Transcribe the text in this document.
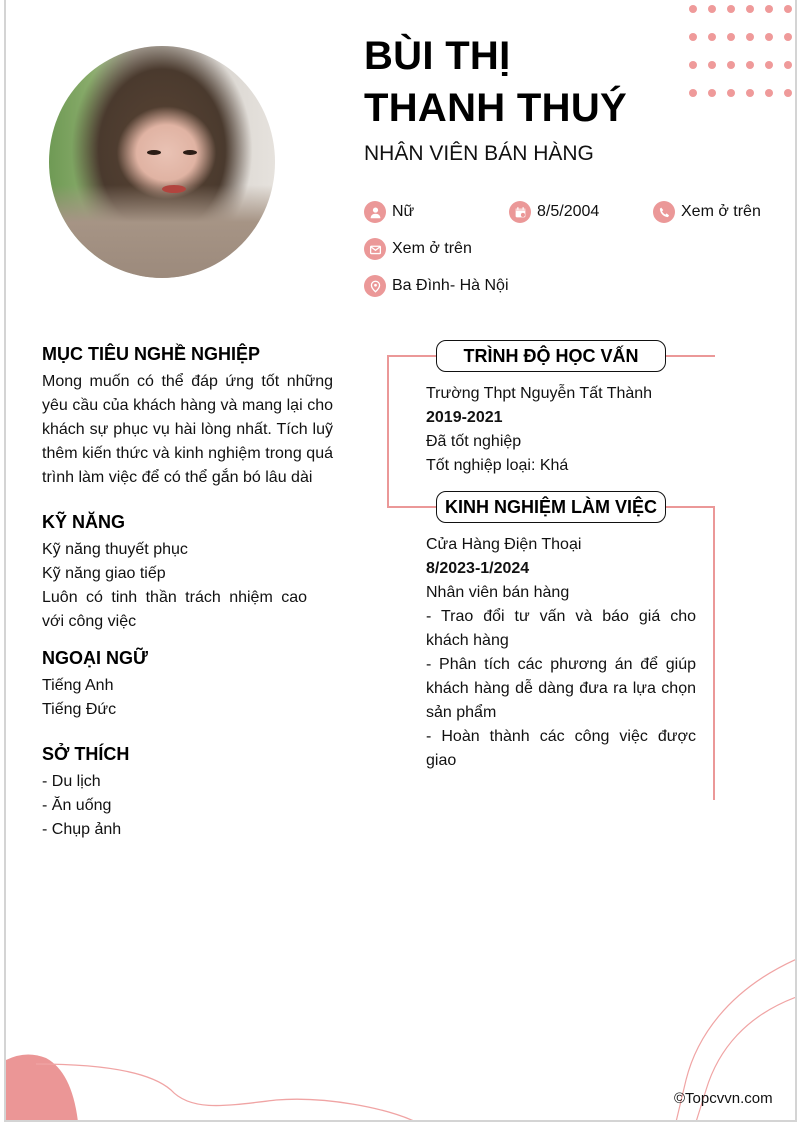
BÙI THỊ
THANH THUÝ
NHÂN VIÊN BÁN HÀNG
Nữ	8/5/2004	Xem ở trên
Xem ở trên
Ba Đình- Hà Nội
MỤC TIÊU NGHỀ NGHIỆP
Mong muốn có thể đáp ứng tốt những yêu cầu của khách hàng và mang lại cho khách sự phục vụ hài lòng nhất. Tích luỹ thêm kiến thức và kinh nghiệm trong quá trình làm việc để có thể gắn bó lâu dài
KỸ NĂNG
Kỹ năng thuyết phục
Kỹ năng giao tiếp
Luôn có tinh thần trách nhiệm cao với công việc
NGOẠI NGỮ
Tiếng Anh
Tiếng Đức
SỞ THÍCH
- Du lịch
- Ăn uống
- Chụp ảnh
TRÌNH ĐỘ HỌC VẤN
Trường Thpt Nguyễn Tất Thành
2019-2021
Đã tốt nghiệp
Tốt nghiệp loại: Khá
KINH NGHIỆM LÀM VIỆC
Cửa Hàng Điện Thoại
8/2023-1/2024
Nhân viên bán hàng
- Trao đổi tư vấn và báo giá cho khách hàng
- Phân tích các phương án để giúp khách hàng dễ dàng đưa ra lựa chọn sản phẩm
- Hoàn thành các công việc được giao
©Topcvvn.com
